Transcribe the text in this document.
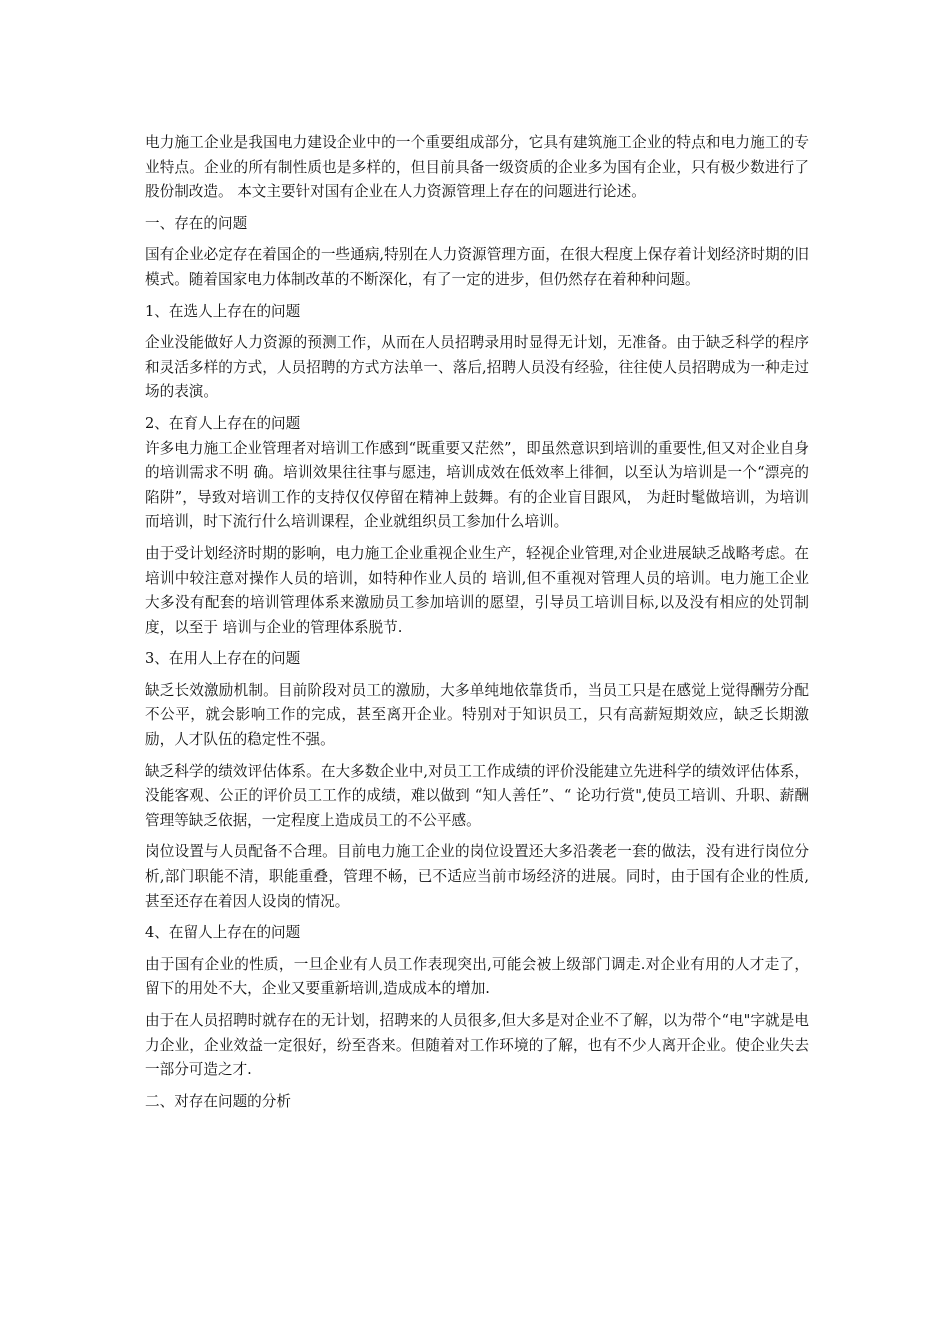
电力施工企业是我国电力建设企业中的一个重要组成部分，它具有建筑施工企业的特点和电力施工的专业特点。企业的所有制性质也是多样的，但目前具备一级资质的企业多为国有企业，只有极少数进行了股份制改造。 本文主要针对国有企业在人力资源管理上存在的问题进行论述。

一、存在的问题

国有企业必定存在着国企的一些通病,特别在人力资源管理方面，在很大程度上保存着计划经济时期的旧模式。随着国家电力体制改革的不断深化，有了一定的进步，但仍然存在着种种问题。

1、在选人上存在的问题

企业没能做好人力资源的预测工作，从而在人员招聘录用时显得无计划，无准备。由于缺乏科学的程序和灵活多样的方式，人员招聘的方式方法单一、落后,招聘人员没有经验，往往使人员招聘成为一种走过场的表演。

2、在育人上存在的问题

许多电力施工企业管理者对培训工作感到“既重要又茫然”，即虽然意识到培训的重要性,但又对企业自身的培训需求不明 确。培训效果往往事与愿违，培训成效在低效率上徘徊，以至认为培训是一个“漂亮的陷阱”，导致对培训工作的支持仅仅停留在精神上鼓舞。有的企业盲目跟风， 为赶时髦做培训，为培训而培训，时下流行什么培训课程，企业就组织员工参加什么培训。

由于受计划经济时期的影响，电力施工企业重视企业生产，轻视企业管理,对企业进展缺乏战略考虑。在培训中较注意对操作人员的培训，如特种作业人员的 培训,但不重视对管理人员的培训。电力施工企业大多没有配套的培训管理体系来激励员工参加培训的愿望，引导员工培训目标,以及没有相应的处罚制度，以至于 培训与企业的管理体系脱节.

3、在用人上存在的问题

缺乏长效激励机制。目前阶段对员工的激励，大多单纯地依靠货币，当员工只是在感觉上觉得酬劳分配不公平，就会影响工作的完成，甚至离开企业。特别对于知识员工，只有高薪短期效应，缺乏长期激励，人才队伍的稳定性不强。

缺乏科学的绩效评估体系。在大多数企业中,对员工工作成绩的评价没能建立先进科学的绩效评估体系，没能客观、公正的评价员工工作的成绩，难以做到 “知人善任”、“ 论功行赏",使员工培训、升职、薪酬管理等缺乏依据，一定程度上造成员工的不公平感。

岗位设置与人员配备不合理。目前电力施工企业的岗位设置还大多沿袭老一套的做法，没有进行岗位分析,部门职能不清，职能重叠，管理不畅，已不适应当前市场经济的进展。同时，由于国有企业的性质,甚至还存在着因人设岗的情况。

4、在留人上存在的问题

由于国有企业的性质，一旦企业有人员工作表现突出,可能会被上级部门调走.对企业有用的人才走了，留下的用处不大，企业又要重新培训,造成成本的增加.

由于在人员招聘时就存在的无计划，招聘来的人员很多,但大多是对企业不了解，以为带个“电"字就是电力企业，企业效益一定很好，纷至沓来。但随着对工作环境的了解，也有不少人离开企业。使企业失去一部分可造之才.

二、对存在问题的分析
